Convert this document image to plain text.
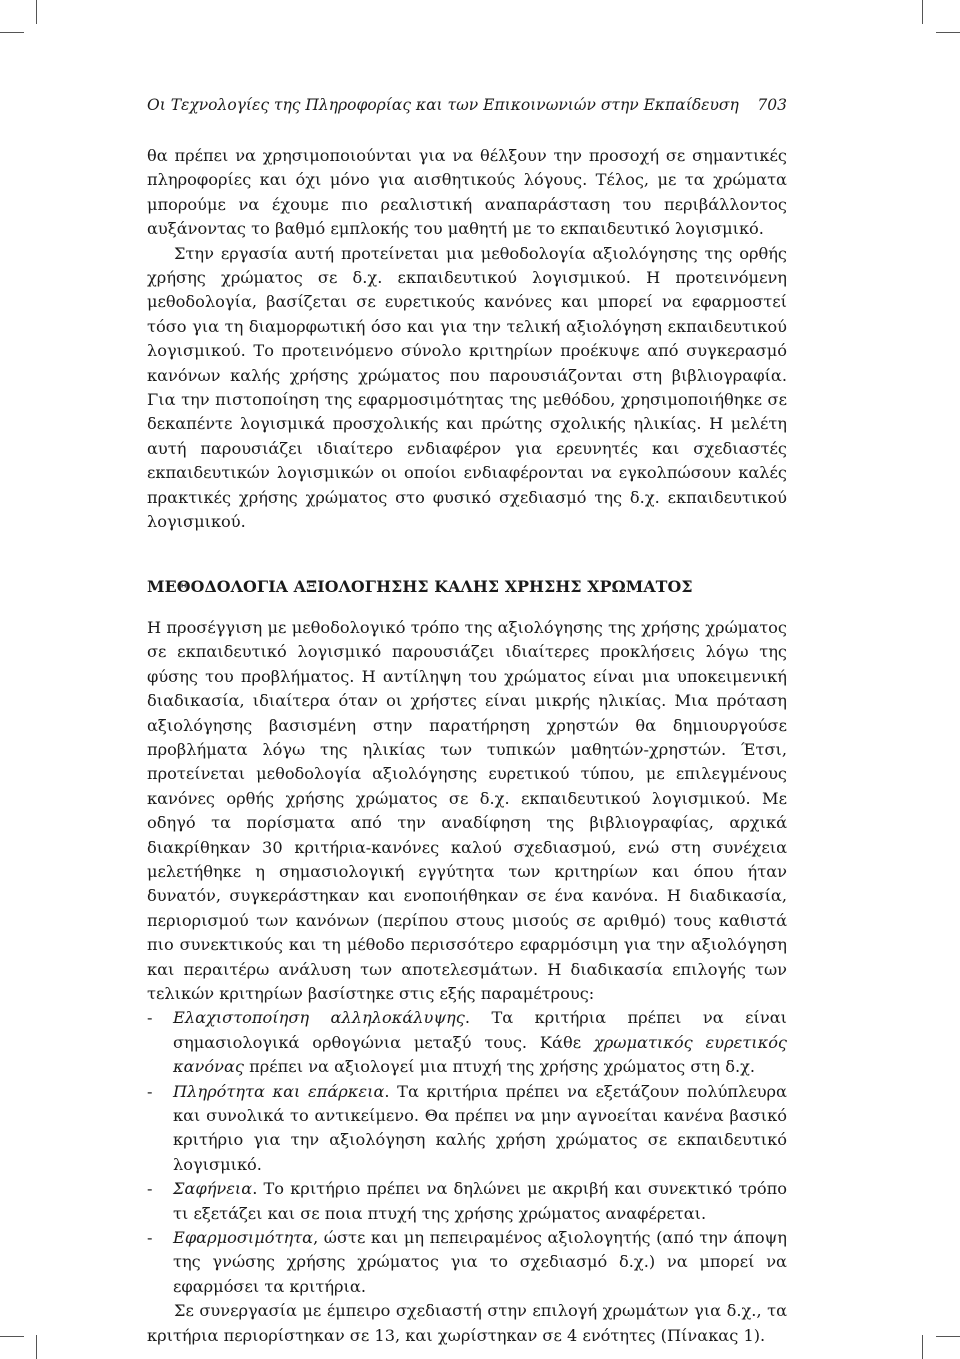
Οι Τεχνολογίες της Πληροφορίας και των Επικοινωνιών στην Εκπαίδευση 703

θα πρέπει να χρησιμοποιούνται για να θέλξουν την προσοχή σε σημαντικές πληροφορίες και όχι μόνο για αισθητικούς λόγους. Τέλος, με τα χρώματα μπορούμε να έχουμε πιο ρεαλιστική αναπαράσταση του περιβάλλοντος αυξάνοντας το βαθμό εμπλοκής του μαθητή με το εκπαιδευτικό λογισμικό.

Στην εργασία αυτή προτείνεται μια μεθοδολογία αξιολόγησης της ορθής χρήσης χρώματος σε δ.χ. εκπαιδευτικού λογισμικού. Η προτεινόμενη μεθοδολογία, βασίζεται σε ευρετικούς κανόνες και μπορεί να εφαρμοστεί τόσο για τη διαμορφωτική όσο και για την τελική αξιολόγηση εκπαιδευτικού λογισμικού. Το προτεινόμενο σύνολο κριτηρίων προέκυψε από συγκερασμό κανόνων καλής χρήσης χρώματος που παρουσιάζονται στη βιβλιογραφία. Για την πιστοποίηση της εφαρμοσιμότητας της μεθόδου, χρησιμοποιήθηκε σε δεκαπέντε λογισμικά προσχολικής και πρώτης σχολικής ηλικίας. Η μελέτη αυτή παρουσιάζει ιδιαίτερο ενδιαφέρον για ερευνητές και σχεδιαστές εκπαιδευτικών λογισμικών οι οποίοι ενδιαφέρονται να εγκολπώσουν καλές πρακτικές χρήσης χρώματος στο φυσικό σχεδιασμό της δ.χ. εκπαιδευτικού λογισμικού.

ΜΕΘΟΔΟΛΟΓΙΑ ΑΞΙΟΛΟΓΗΣΗΣ ΚΑΛΗΣ ΧΡΗΣΗΣ ΧΡΩΜΑΤΟΣ

Η προσέγγιση με μεθοδολογικό τρόπο της αξιολόγησης της χρήσης χρώματος σε εκπαιδευτικό λογισμικό παρουσιάζει ιδιαίτερες προκλήσεις λόγω της φύσης του προβλήματος. Η αντίληψη του χρώματος είναι μια υποκειμενική διαδικασία, ιδιαίτερα όταν οι χρήστες είναι μικρής ηλικίας. Μια πρόταση αξιολόγησης βασισμένη στην παρατήρηση χρηστών θα δημιουργούσε προβλήματα λόγω της ηλικίας των τυπικών μαθητών-χρηστών. Έτσι, προτείνεται μεθοδολογία αξιολόγησης ευρετικού τύπου, με επιλεγμένους κανόνες ορθής χρήσης χρώματος σε δ.χ. εκπαιδευτικού λογισμικού. Με οδηγό τα πορίσματα από την αναδίφηση της βιβλιογραφίας, αρχικά διακρίθηκαν 30 κριτήρια-κανόνες καλού σχεδιασμού, ενώ στη συνέχεια μελετήθηκε η σημασιολογική εγγύτητα των κριτηρίων και όπου ήταν δυνατόν, συγκεράστηκαν και ενοποιήθηκαν σε ένα κανόνα. Η διαδικασία, περιορισμού των κανόνων (περίπου στους μισούς σε αριθμό) τους καθιστά πιο συνεκτικούς και τη μέθοδο περισσότερο εφαρμόσιμη για την αξιολόγηση και περαιτέρω ανάλυση των αποτελεσμάτων. Η διαδικασία επιλογής των τελικών κριτηρίων βασίστηκε στις εξής παραμέτρους:

- Ελαχιστοποίηση αλληλοκάλυψης. Τα κριτήρια πρέπει να είναι σημασιολογικά ορθογώνια μεταξύ τους. Κάθε χρωματικός ευρετικός κανόνας πρέπει να αξιολογεί μια πτυχή της χρήσης χρώματος στη δ.χ.
- Πληρότητα και επάρκεια. Τα κριτήρια πρέπει να εξετάζουν πολύπλευρα και συνολικά το αντικείμενο. Θα πρέπει να μην αγνοείται κανένα βασικό κριτήριο για την αξιολόγηση καλής χρήση χρώματος σε εκπαιδευτικό λογισμικό.
- Σαφήνεια. Το κριτήριο πρέπει να δηλώνει με ακριβή και συνεκτικό τρόπο τι εξετάζει και σε ποια πτυχή της χρήσης χρώματος αναφέρεται.
- Εφαρμοσιμότητα, ώστε και μη πεπειραμένος αξιολογητής (από την άποψη της γνώσης χρήσης χρώματος για το σχεδιασμό δ.χ.) να μπορεί να εφαρμόσει τα κριτήρια.

Σε συνεργασία με έμπειρο σχεδιαστή στην επιλογή χρωμάτων για δ.χ., τα κριτήρια περιορίστηκαν σε 13, και χωρίστηκαν σε 4 ενότητες (Πίνακας 1).
